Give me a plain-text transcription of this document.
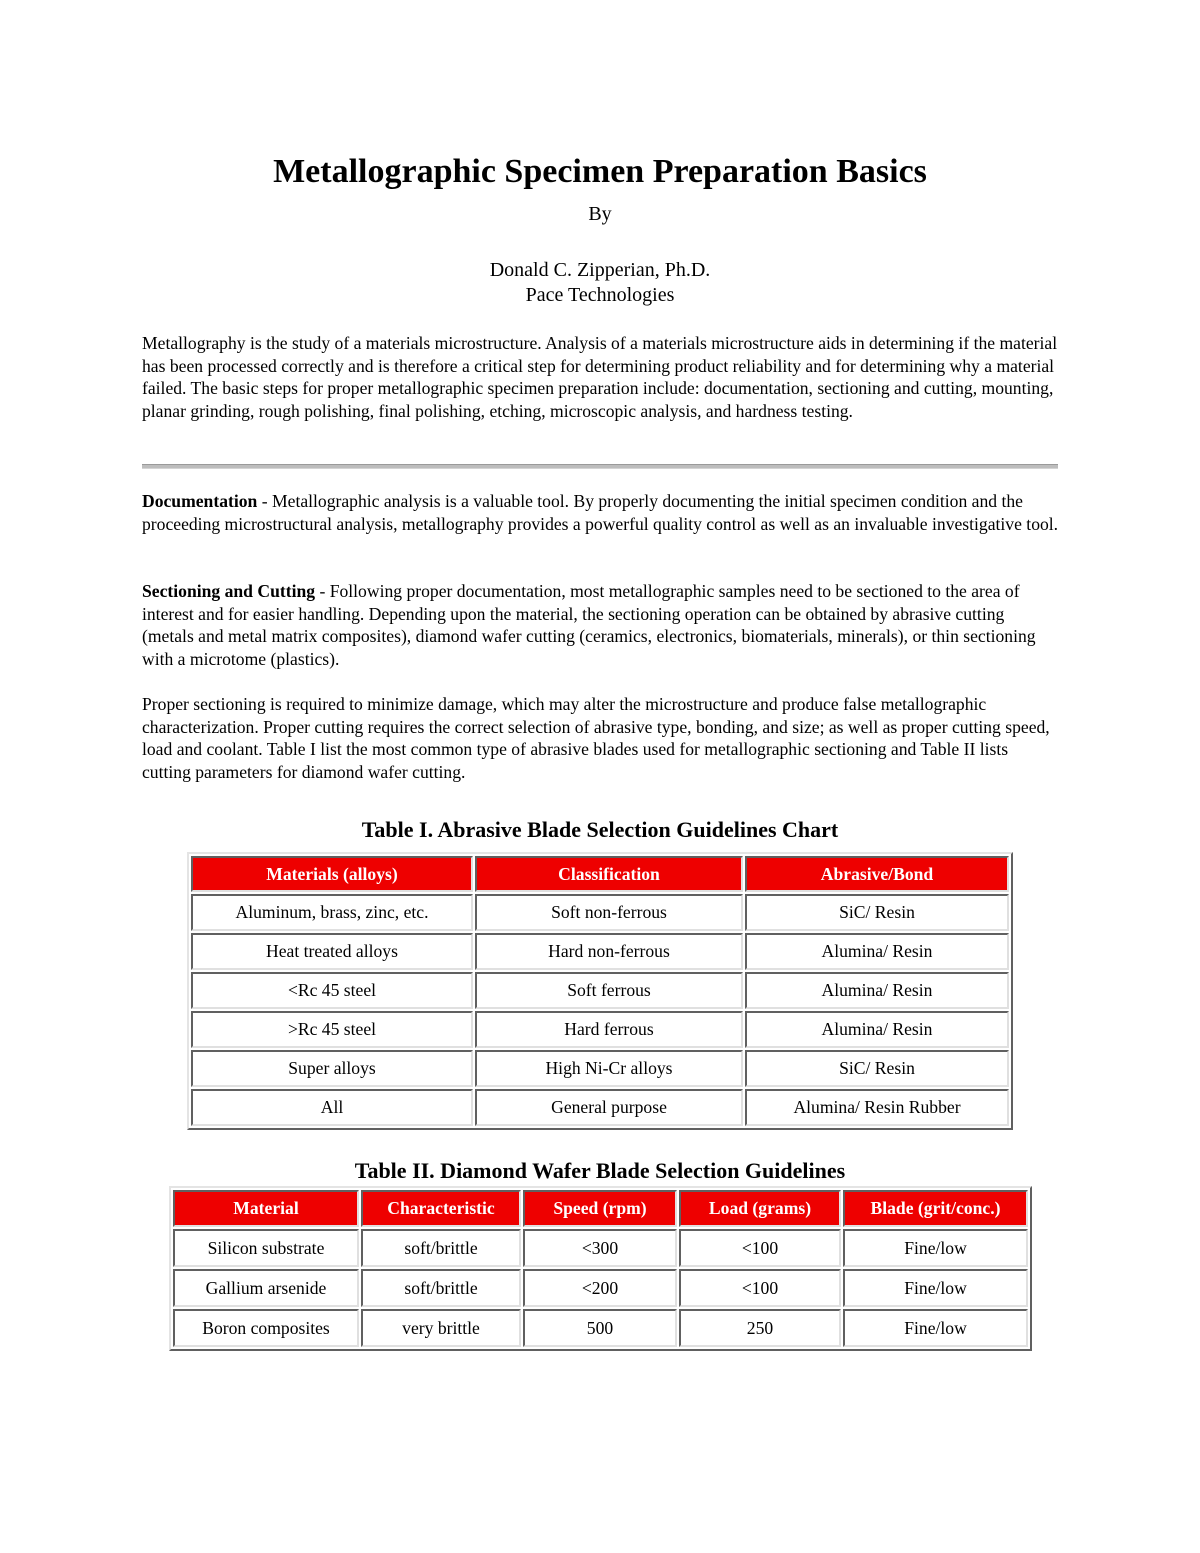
Metallographic Specimen Preparation Basics
By
Donald C. Zipperian, Ph.D.
Pace Technologies

Metallography is the study of a materials microstructure. Analysis of a materials microstructure aids in determining if the material has been processed correctly and is therefore a critical step for determining product reliability and for determining why a material failed. The basic steps for proper metallographic specimen preparation include: documentation, sectioning and cutting, mounting, planar grinding, rough polishing, final polishing, etching, microscopic analysis, and hardness testing.

Documentation - Metallographic analysis is a valuable tool. By properly documenting the initial specimen condition and the proceeding microstructural analysis, metallography provides a powerful quality control as well as an invaluable investigative tool.

Sectioning and Cutting - Following proper documentation, most metallographic samples need to be sectioned to the area of interest and for easier handling. Depending upon the material, the sectioning operation can be obtained by abrasive cutting (metals and metal matrix composites), diamond wafer cutting (ceramics, electronics, biomaterials, minerals), or thin sectioning with a microtome (plastics).

Proper sectioning is required to minimize damage, which may alter the microstructure and produce false metallographic characterization. Proper cutting requires the correct selection of abrasive type, bonding, and size; as well as proper cutting speed, load and coolant. Table I list the most common type of abrasive blades used for metallographic sectioning and Table II lists cutting parameters for diamond wafer cutting.

Table I. Abrasive Blade Selection Guidelines Chart
Materials (alloys)	Classification	Abrasive/Bond
Aluminum, brass, zinc, etc.	Soft non-ferrous	SiC/ Resin
Heat treated alloys	Hard non-ferrous	Alumina/ Resin
<Rc 45 steel	Soft ferrous	Alumina/ Resin
>Rc 45 steel	Hard ferrous	Alumina/ Resin
Super alloys	High Ni-Cr alloys	SiC/ Resin
All	General purpose	Alumina/ Resin Rubber
Table II. Diamond Wafer Blade Selection Guidelines
Material	Characteristic	Speed (rpm)	Load (grams)	Blade (grit/conc.)
Silicon substrate	soft/brittle	<300	<100	Fine/low
Gallium arsenide	soft/brittle	<200	<100	Fine/low
Boron composites	very brittle	500	250	Fine/low
